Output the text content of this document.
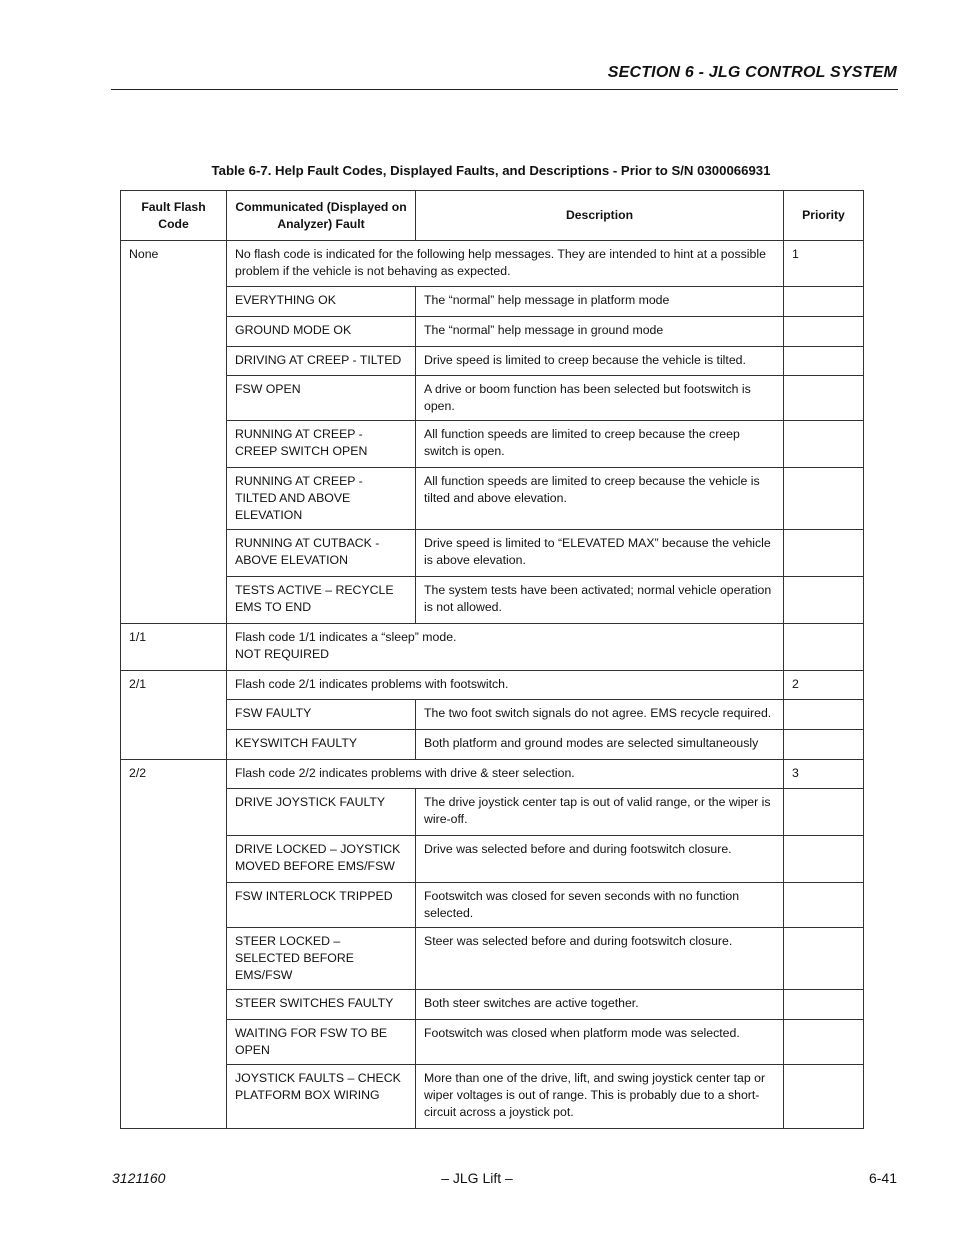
SECTION 6 - JLG CONTROL SYSTEM
Table 6-7. Help Fault Codes, Displayed Faults, and Descriptions - Prior to S/N 0300066931
Fault Flash Code	Communicated (Displayed on Analyzer) Fault	Description	Priority
None	No flash code is indicated for the following help messages. They are intended to hint at a possible problem if the vehicle is not behaving as expected.		1
	EVERYTHING OK	The “normal” help message in platform mode	
	GROUND MODE OK	The “normal” help message in ground mode	
	DRIVING AT CREEP - TILTED	Drive speed is limited to creep because the vehicle is tilted.	
	FSW OPEN	A drive or boom function has been selected but footswitch is open.	
	RUNNING AT CREEP - CREEP SWITCH OPEN	All function speeds are limited to creep because the creep switch is open.	
	RUNNING AT CREEP - TILTED AND ABOVE ELEVATION	All function speeds are limited to creep because the vehicle is tilted and above elevation.	
	RUNNING AT CUTBACK - ABOVE ELEVATION	Drive speed is limited to “ELEVATED MAX” because the vehicle is above elevation.	
	TESTS ACTIVE – RECYCLE EMS TO END	The system tests have been activated; normal vehicle operation is not allowed.	
1/1	Flash code 1/1 indicates a “sleep” mode.
NOT REQUIRED		

2/1	Flash code 2/1 indicates problems with footswitch.		2
	FSW FAULTY	The two foot switch signals do not agree. EMS recycle required.	
	KEYSWITCH FAULTY	Both platform and ground modes are selected simultaneously	
2/2	Flash code 2/2 indicates problems with drive & steer selection.		3
	DRIVE JOYSTICK FAULTY	The drive joystick center tap is out of valid range, or the wiper is wire-off.	
	DRIVE LOCKED – JOYSTICK MOVED BEFORE EMS/FSW	Drive was selected before and during footswitch closure.	
	FSW INTERLOCK TRIPPED	Footswitch was closed for seven seconds with no function selected.	
	STEER LOCKED – SELECTED BEFORE EMS/FSW	Steer was selected before and during footswitch closure.	
	STEER SWITCHES FAULTY	Both steer switches are active together.	
	WAITING FOR FSW TO BE OPEN	Footswitch was closed when platform mode was selected.	
	JOYSTICK FAULTS – CHECK PLATFORM BOX WIRING	More than one of the drive, lift, and swing joystick center tap or wiper voltages is out of range. This is probably due to a short-circuit across a joystick pot.	
3121160	– JLG Lift –	6-41
